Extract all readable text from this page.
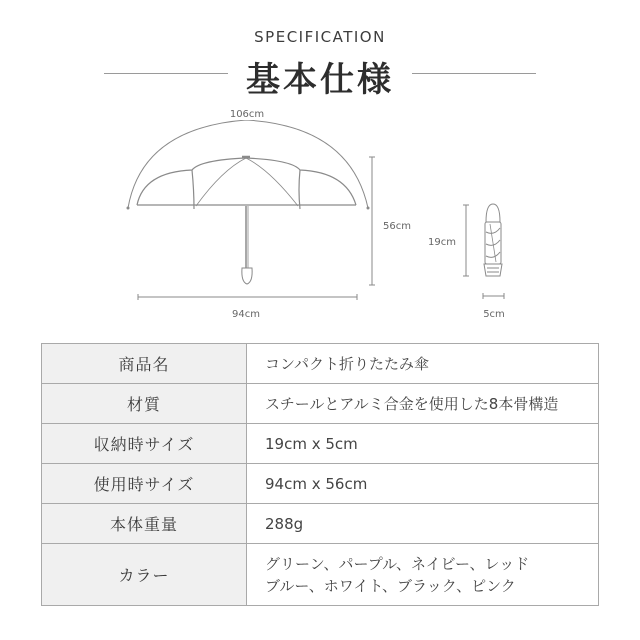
SPECIFICATION
基本仕様
106cm
56cm
94cm
19cm
5cm
商品名	コンパクト折りたたみ傘
材質	スチールとアルミ合金を使用した8本骨構造
収納時サイズ	19cm x 5cm
使用時サイズ	94cm x 56cm
本体重量	288g
カラー	グリーン、パープル、ネイビー、レッド
ブルー、ホワイト、ブラック、ピンク
